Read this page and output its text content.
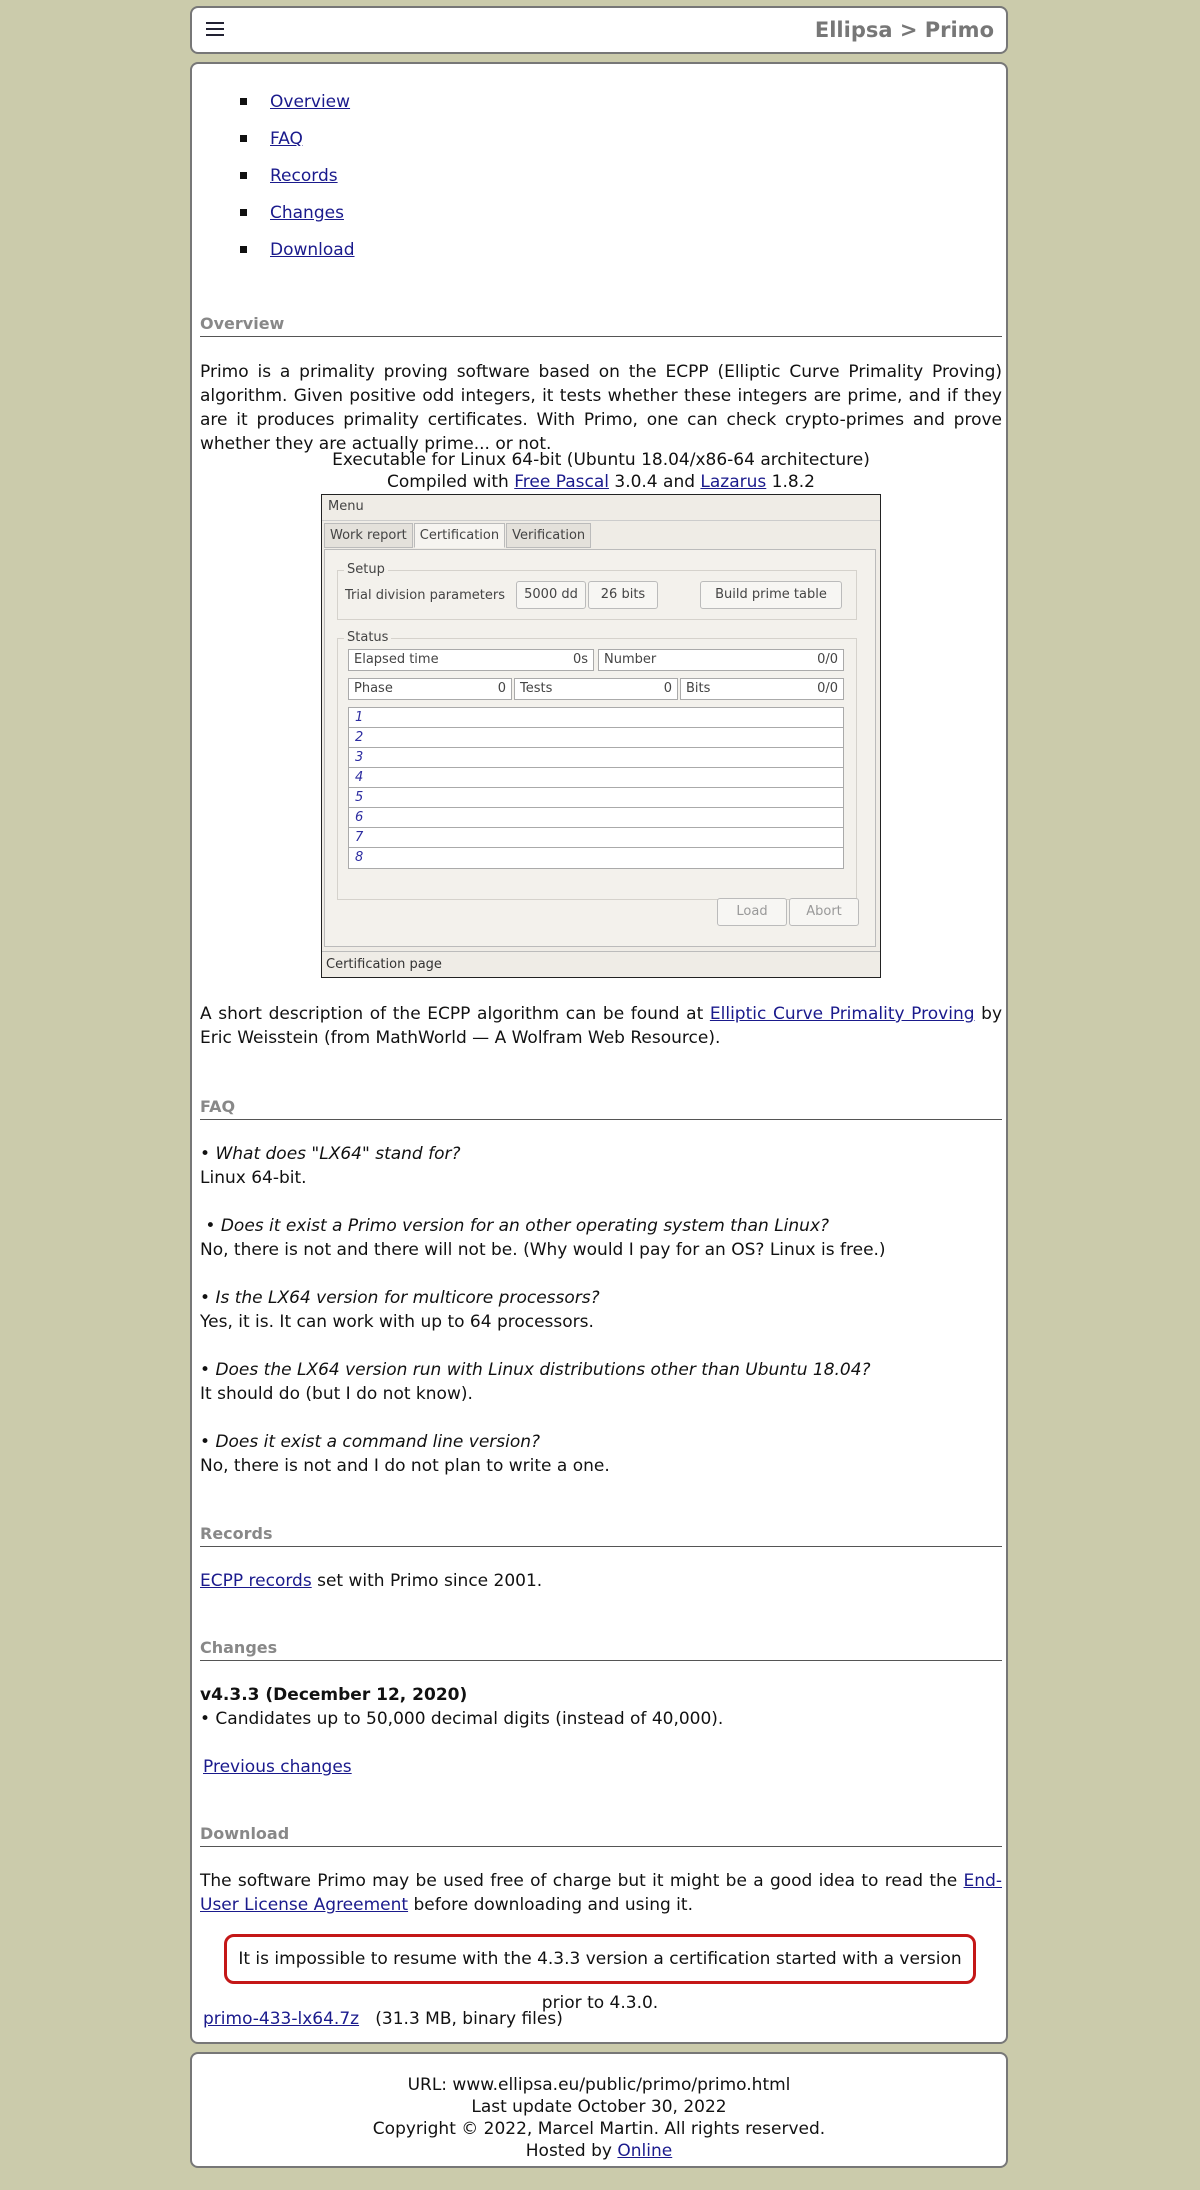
Ellipsa > Primo
Overview
FAQ
Records
Changes
Download
Overview
Primo is a primality proving software based on the ECPP (Elliptic Curve Primality Proving) algorithm. Given positive odd integers, it tests whether these integers are prime, and if they are it produces primality certificates. With Primo, one can check crypto-primes and prove whether they are actually prime... or not.
Executable for Linux 64-bit (Ubuntu 18.04/x86-64 architecture)
Compiled with Free Pascal 3.0.4 and Lazarus 1.8.2
Menu
Work report Certification Verification
Setup
Trial division parameters	5000 dd	26 bits	Build prime table
Status
Elapsed time	0s	Number	0/0
Phase	0	Tests	0	Bits	0/0
1
2
3
4
5
6
7
8
Load	Abort
Certification page
A short description of the ECPP algorithm can be found at Elliptic Curve Primality Proving by Eric Weisstein (from MathWorld — A Wolfram Web Resource).
FAQ
• What does "LX64" stand for?
Linux 64-bit.
• Does it exist a Primo version for an other operating system than Linux?
No, there is not and there will not be. (Why would I pay for an OS? Linux is free.)
• Is the LX64 version for multicore processors?
Yes, it is. It can work with up to 64 processors.
• Does the LX64 version run with Linux distributions other than Ubuntu 18.04?
It should do (but I do not know).
• Does it exist a command line version?
No, there is not and I do not plan to write a one.
Records
ECPP records set with Primo since 2001.
Changes
v4.3.3 (December 12, 2020)
• Candidates up to 50,000 decimal digits (instead of 40,000).
Previous changes
Download
The software Primo may be used free of charge but it might be a good idea to read the End-User License Agreement before downloading and using it.
It is impossible to resume with the 4.3.3 version a certification started with a version prior to 4.3.0.
primo-433-lx64.7z (31.3 MB, binary files)
URL: www.ellipsa.eu/public/primo/primo.html
Last update October 30, 2022
Copyright © 2022, Marcel Martin. All rights reserved.
Hosted by Online
